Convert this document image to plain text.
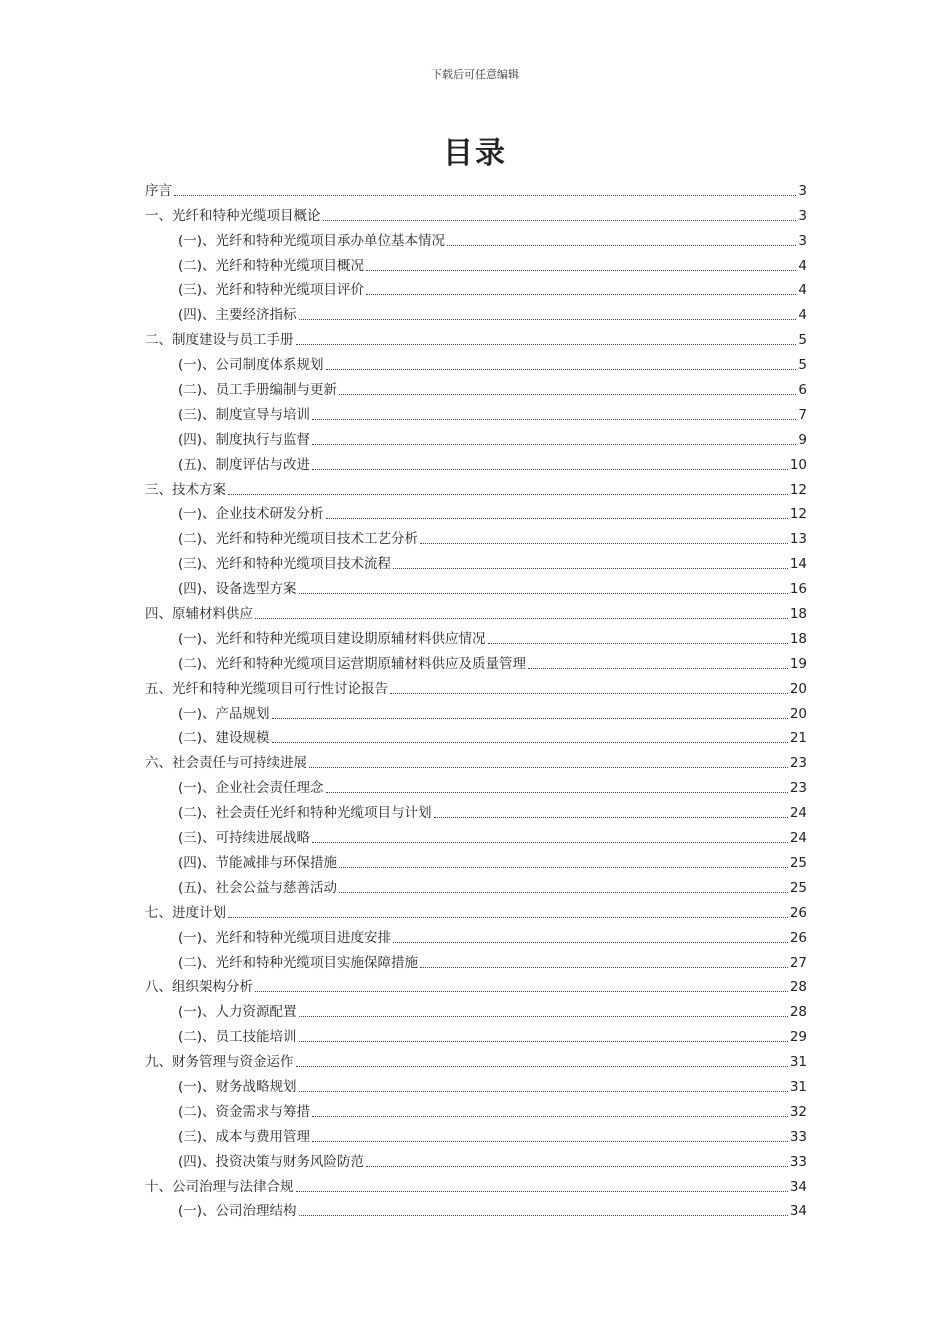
下载后可任意编辑
目录
序言	3
一、光纤和特种光缆项目概论	3
(一)、光纤和特种光缆项目承办单位基本情况	3
(二)、光纤和特种光缆项目概况	4
(三)、光纤和特种光缆项目评价	4
(四)、主要经济指标	4
二、制度建设与员工手册	5
(一)、公司制度体系规划	5
(二)、员工手册编制与更新	6
(三)、制度宣导与培训	7
(四)、制度执行与监督	9
(五)、制度评估与改进	10
三、技术方案	12
(一)、企业技术研发分析	12
(二)、光纤和特种光缆项目技术工艺分析	13
(三)、光纤和特种光缆项目技术流程	14
(四)、设备选型方案	16
四、原辅材料供应	18
(一)、光纤和特种光缆项目建设期原辅材料供应情况	18
(二)、光纤和特种光缆项目运营期原辅材料供应及质量管理	19
五、光纤和特种光缆项目可行性讨论报告	20
(一)、产品规划	20
(二)、建设规模	21
六、社会责任与可持续进展	23
(一)、企业社会责任理念	23
(二)、社会责任光纤和特种光缆项目与计划	24
(三)、可持续进展战略	24
(四)、节能减排与环保措施	25
(五)、社会公益与慈善活动	25
七、进度计划	26
(一)、光纤和特种光缆项目进度安排	26
(二)、光纤和特种光缆项目实施保障措施	27
八、组织架构分析	28
(一)、人力资源配置	28
(二)、员工技能培训	29
九、财务管理与资金运作	31
(一)、财务战略规划	31
(二)、资金需求与筹措	32
(三)、成本与费用管理	33
(四)、投资决策与财务风险防范	33
十、公司治理与法律合规	34
(一)、公司治理结构	34
